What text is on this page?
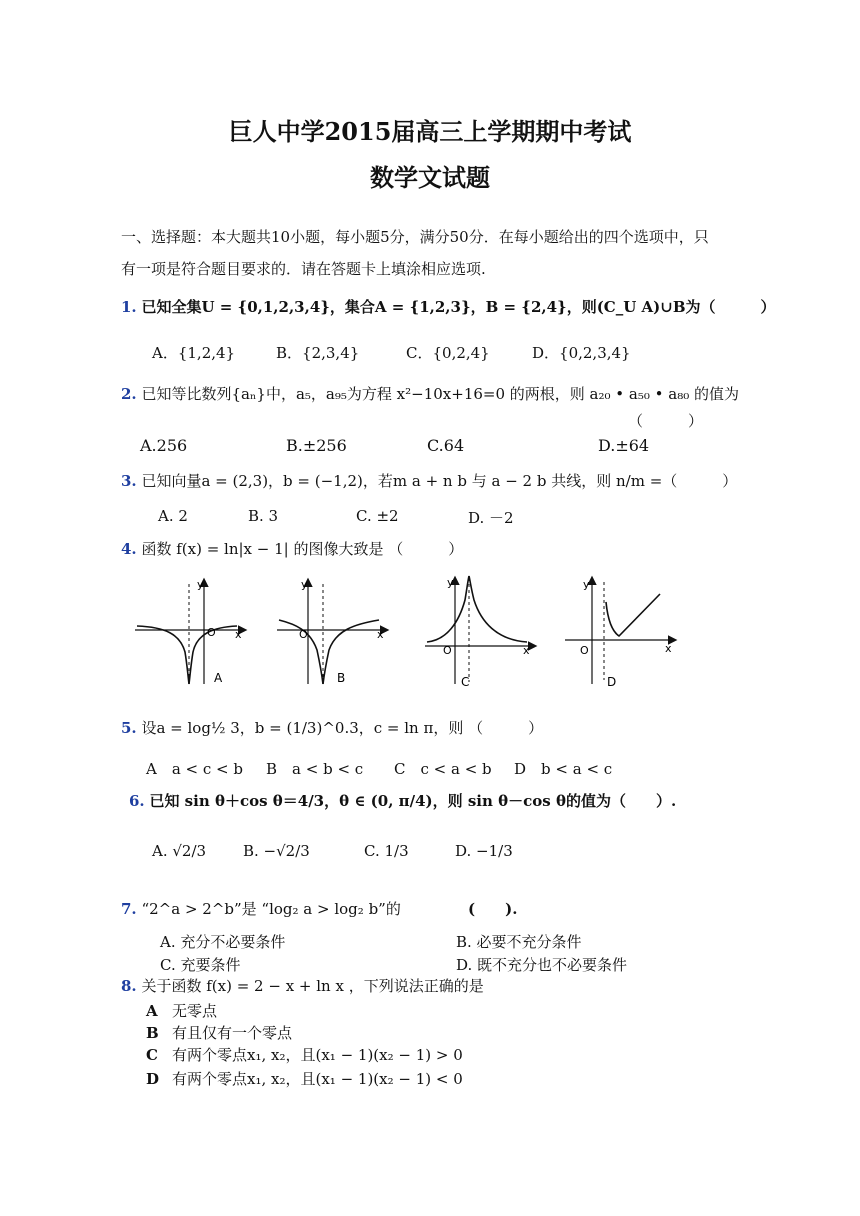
巨人中学2015届高三上学期期中考试
数学文试题
一、选择题：本大题共10小题，每小题5分，满分50分．在每小题给出的四个选项中，只
有一项是符合题目要求的．请在答题卡上填涂相应选项.
1. 已知全集U = {0,1,2,3,4}，集合A = {1,2,3}，B = {2,4}，则(C_U A)∪B为（　　　）
A．{1,2,4}	B．{2,3,4}	C．{0,2,4}	D．{0,2,3,4}
2. 已知等比数列{aₙ}中，a₅，a₉₅为方程 x²−10x+16=0 的两根，则 a₂₀ • a₅₀ • a₈₀ 的值为
（　　　）
A.256	B.±256	C.64	D.±64
3. 已知向量a = (2,3)，b = (−1,2)，若m a + n b 与 a − 2 b 共线，则 n/m =（　　　）
A. 2	B. 3	C. ±2	D. －2
4. 函数 f(x) = ln|x − 1| 的图像大致是 （　　　）
O x
y
A
O	x
y
B
O	x
y
C
O	x
y
D
5. 设a = log½ 3，b = (1/3)^0.3，c = ln π，则 （　　　）
A　a < c < b B　a < b < c C　c < a < b D　b < a < c
6. 已知 sin θ＋cos θ＝4/3，θ ∈ (0, π/4)，则 sin θ－cos θ的值为（　　）.
A. √2/3 B. −√2/3	C. 1/3	D. −1/3
7. “2^a > 2^b”是 “log₂ a > log₂ b”的	(　　).
A. 充分不必要条件	B. 必要不充分条件
C. 充要条件	D. 既不充分也不必要条件
8. 关于函数 f(x) = 2 − x + ln x ，下列说法正确的是
A 无零点
B 有且仅有一个零点
C 有两个零点x₁, x₂，且(x₁ − 1)(x₂ − 1) > 0
D 有两个零点x₁, x₂，且(x₁ − 1)(x₂ − 1) < 0
